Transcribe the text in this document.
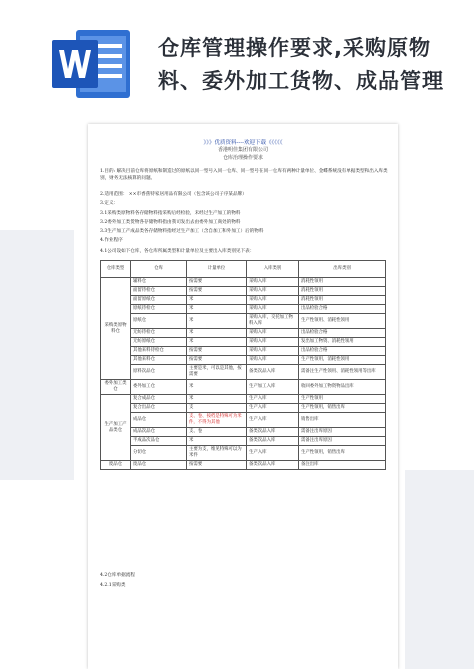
仓库管理操作要求,采购原物料、委外加工货物、成品管理
》》》优质资料----欢迎下载《《《《《
香港明佳集团有限公司
仓库治理操作要求
1.目的: 解决目前仓库将原纸和制造过的原纸以同一型号入同一仓库、同一型号在同一仓库有两种计量单位、金蝶系统没有单据类型和出入库类别，财务无法核算的问题。
2.适用范围： ××市香蕉特家居用品有限公司（包含该公司子序某品牌）
3.定义：
3.1采购类原物料各存储物料指采购后经检验，未经过生产加工的物料
3.2委外加工类货物各存储物料指由我司发出去由委外加工商处的物料
3.3生产加工产成品类各存储物料指经过生产加工（含自加工和外加工）后的物料
4.作业程序
4.1公司设如下仓库，各仓库所属类型和计量单位及主要出入库类别见下表：
仓库类型	仓库	计量单位	入库类别	出库类别
采购类原物料仓	辅料仓	按需要	采购入库	消耗性领用
	面留待检仓	按需要	采购入库	消耗性领用
	面留原纸仓	米	采购入库	消耗性领用
	原纸待检仓	米	采购入库	出品检验合格
	原纸仓	米	采购入库，交托加工物料入库	生产性领用、消耗性领用
	无纺待检仓	米	采购入库	出品检验合格
	无纺原纸仓	米	采购入库	发出加工物资、消耗性领用
	其他来料待检仓	按需要	采购入库	出品检验合格
	其他来料仓	按需要	采购入库	生产性领用，消耗性领用
	原料次品仓	主要是米，可以是其他，按需要	备类次品入库	需备注生产性领用、消耗性领用等出库
委外加工类仓	委外加工仓	米	生产加工入库	收回委外加工物资物品出库
生产加工产品类仓	复合成品仓	米	生产入库	生产性领用
	复合出品仓	支	生产入库	生产性领用，销售出库
	成品仓	支、卷、按档是特殊可为米件，不得为其他	生产入库	销售出库
	成品次品仓	支、卷	备类次品入库	需备注出库原因
	半成品次品仓	米	备类次品入库	需备注出库原因
	分切仓	主要为支，维见特殊可以为米件	生产入库	生产性领用，销售出库
废品仓	废品仓	按需要	备类次品入库	备注出库
4.2仓库单据流程
4.2.1采购类
